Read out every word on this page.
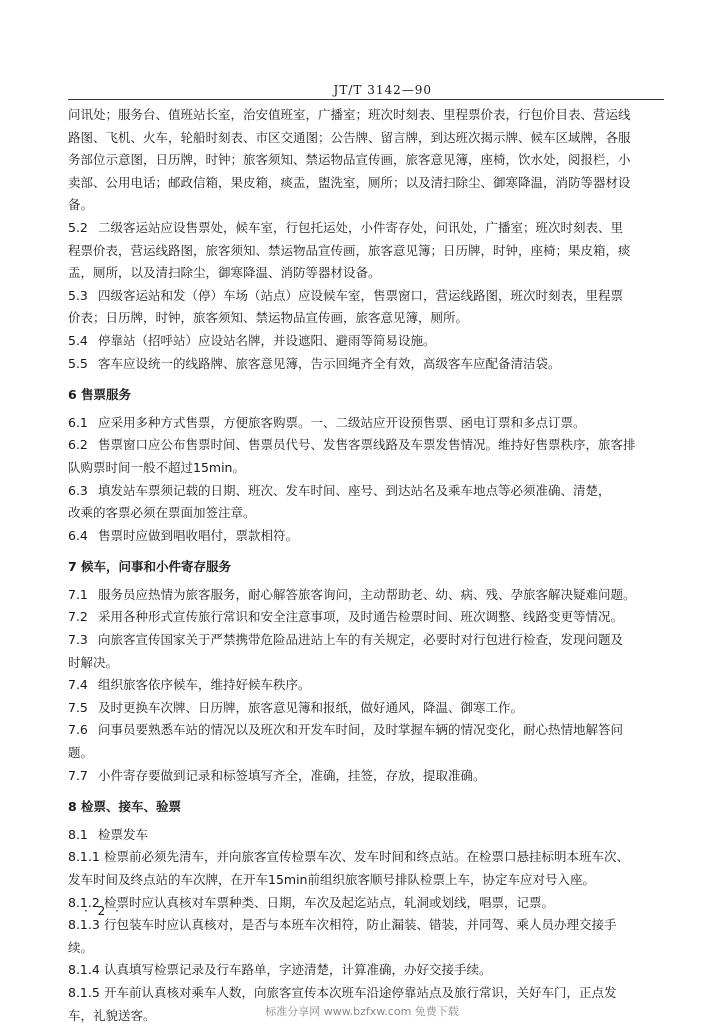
JT/T 3142—90

问讯处；服务台、值班站长室，治安值班室，广播室；班次时刻表、里程票价表，行包价目表、营运线

路图、飞机、火车，轮船时刻表、市区交通图；公告牌、留言牌，到达班次揭示牌、候车区域牌，各服

务部位示意图，日历牌，时钟；旅客须知、禁运物品宣传画，旅客意见簿，座椅，饮水处，阅报栏，小

卖部、公用电话；邮政信箱，果皮箱，痰盂，盥洗室，厕所；以及清扫除尘、御寒降温，消防等器材设

备。

5.2 二级客运站应设售票处，候车室，行包托运处，小件寄存处，问讯处，广播室；班次时刻表、里

程票价表，营运线路图，旅客须知、禁运物品宣传画，旅客意见簿；日历牌，时钟，座椅；果皮箱，痰

盂，厕所，以及清扫除尘，御寒降温、消防等器材设备。

5.3 四级客运站和发（停）车场（站点）应设候车室，售票窗口，营运线路图，班次时刻表，里程票

价表；日历牌，时钟，旅客须知、禁运物品宣传画，旅客意见簿，厕所。

5.4 停靠站（招呼站）应设站名牌，并设遮阳、避雨等简易设施。

5.5 客车应设统一的线路牌、旅客意见簿，告示回绳齐全有效，高级客车应配备清洁袋。

6 售票服务

6.1 应采用多种方式售票，方便旅客购票。一、二级站应开设预售票、函电订票和多点订票。

6.2 售票窗口应公布售票时间、售票员代号、发售客票线路及车票发售情况。维持好售票秩序，旅客排

队购票时间一般不超过15min。

6.3 填发站车票须记载的日期、班次、发车时间、座号、到达站名及乘车地点等必须准确、清楚，

改乘的客票必须在票面加签注章。

6.4 售票时应做到唱收唱付，票款相符。

7 候车，问事和小件寄存服务

7.1 服务员应热情为旅客服务，耐心解答旅客询问，主动帮助老、幼、病、残、孕旅客解决疑难问题。

7.2 采用各种形式宣传旅行常识和安全注意事项，及时通告检票时间、班次调整、线路变更等情况。

7.3 向旅客宣传国家关于严禁携带危险品进站上车的有关规定，必要时对行包进行检查，发现问题及

时解决。

7.4 组织旅客依序候车，维持好候车秩序。

7.5 及时更换车次牌、日历牌，旅客意见簿和报纸，做好通风，降温、御寒工作。

7.6 问事员要熟悉车站的情况以及班次和开发车时间，及时掌握车辆的情况变化，耐心热情地解答问

题。

7.7 小件寄存要做到记录和标签填写齐全，准确，挂签，存放，提取准确。

8 检票、接车、验票

8.1 检票发车

8.1.1 检票前必须先清车，并向旅客宣传检票车次、发车时间和终点站。在检票口悬挂标明本班车次、

发车时间及终点站的车次牌，在开车15min前组织旅客顺号排队检票上车，协定车应对号入座。

8.1.2 检票时应认真核对车票种类、日期，车次及起迄站点，轧洞或划线，唱票，记票。

8.1.3 行包装车时应认真核对，是否与本班车次相符，防止漏装、错装，并同驾、乘人员办理交接手

续。

8.1.4 认真填写检票记录及行车路单，字迹清楚，计算准确，办好交接手续。

8.1.5 开车前认真核对乘车人数，向旅客宣传本次班车沿途停靠站点及旅行常识，关好车门，正点发

车，礼貌送客。

· 2 ·
标准分享网 www.bzfxw.com 免费下载
